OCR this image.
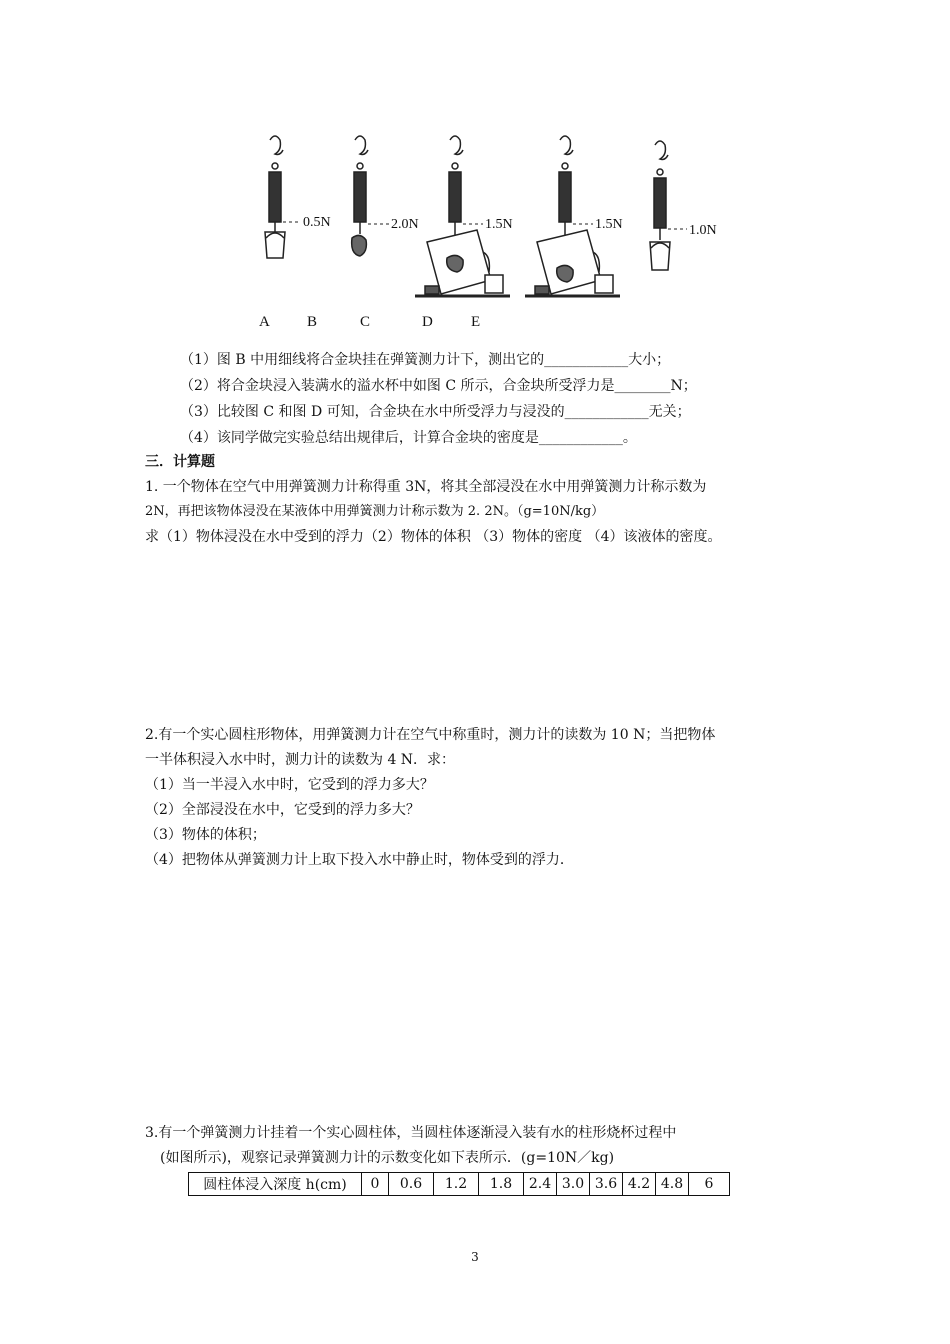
0.5N	2.0N	1.5N	1.5N	1.0N
A B	C	D	E
（1）图 B 中用细线将合金块挂在弹簧测力计下，测出它的____________大小；
（2）将合金块浸入装满水的溢水杯中如图 C 所示，合金块所受浮力是________N；
（3）比较图 C 和图 D 可知，合金块在水中所受浮力与浸没的____________无关；
（4）该同学做完实验总结出规律后，计算合金块的密度是____________。
三．计算题
1. 一个物体在空气中用弹簧测力计称得重 3N，将其全部浸没在水中用弹簧测力计称示数为
2N，再把该物体浸没在某液体中用弹簧测力计称示数为 2. 2N。（g=10N/kg）
求（1）物体浸没在水中受到的浮力（2）物体的体积 （3）物体的密度 （4）该液体的密度。
2.有一个实心圆柱形物体，用弹簧测力计在空气中称重时，测力计的读数为 10 N；当把物体
一半体积浸入水中时，测力计的读数为 4 N．求：
（1）当一半浸入水中时，它受到的浮力多大？
（2）全部浸没在水中，它受到的浮力多大？
（3）物体的体积；
（4）把物体从弹簧测力计上取下投入水中静止时，物体受到的浮力．
3.有一个弹簧测力计挂着一个实心圆柱体，当圆柱体逐渐浸入装有水的柱形烧杯过程中
(如图所示)，观察记录弹簧测力计的示数变化如下表所示．(g=10N／kg)
圆柱体浸入深度 h(cm)	0	0.6	1.2	1.8	2.4	3.0	3.6	4.2	4.8	6
3
